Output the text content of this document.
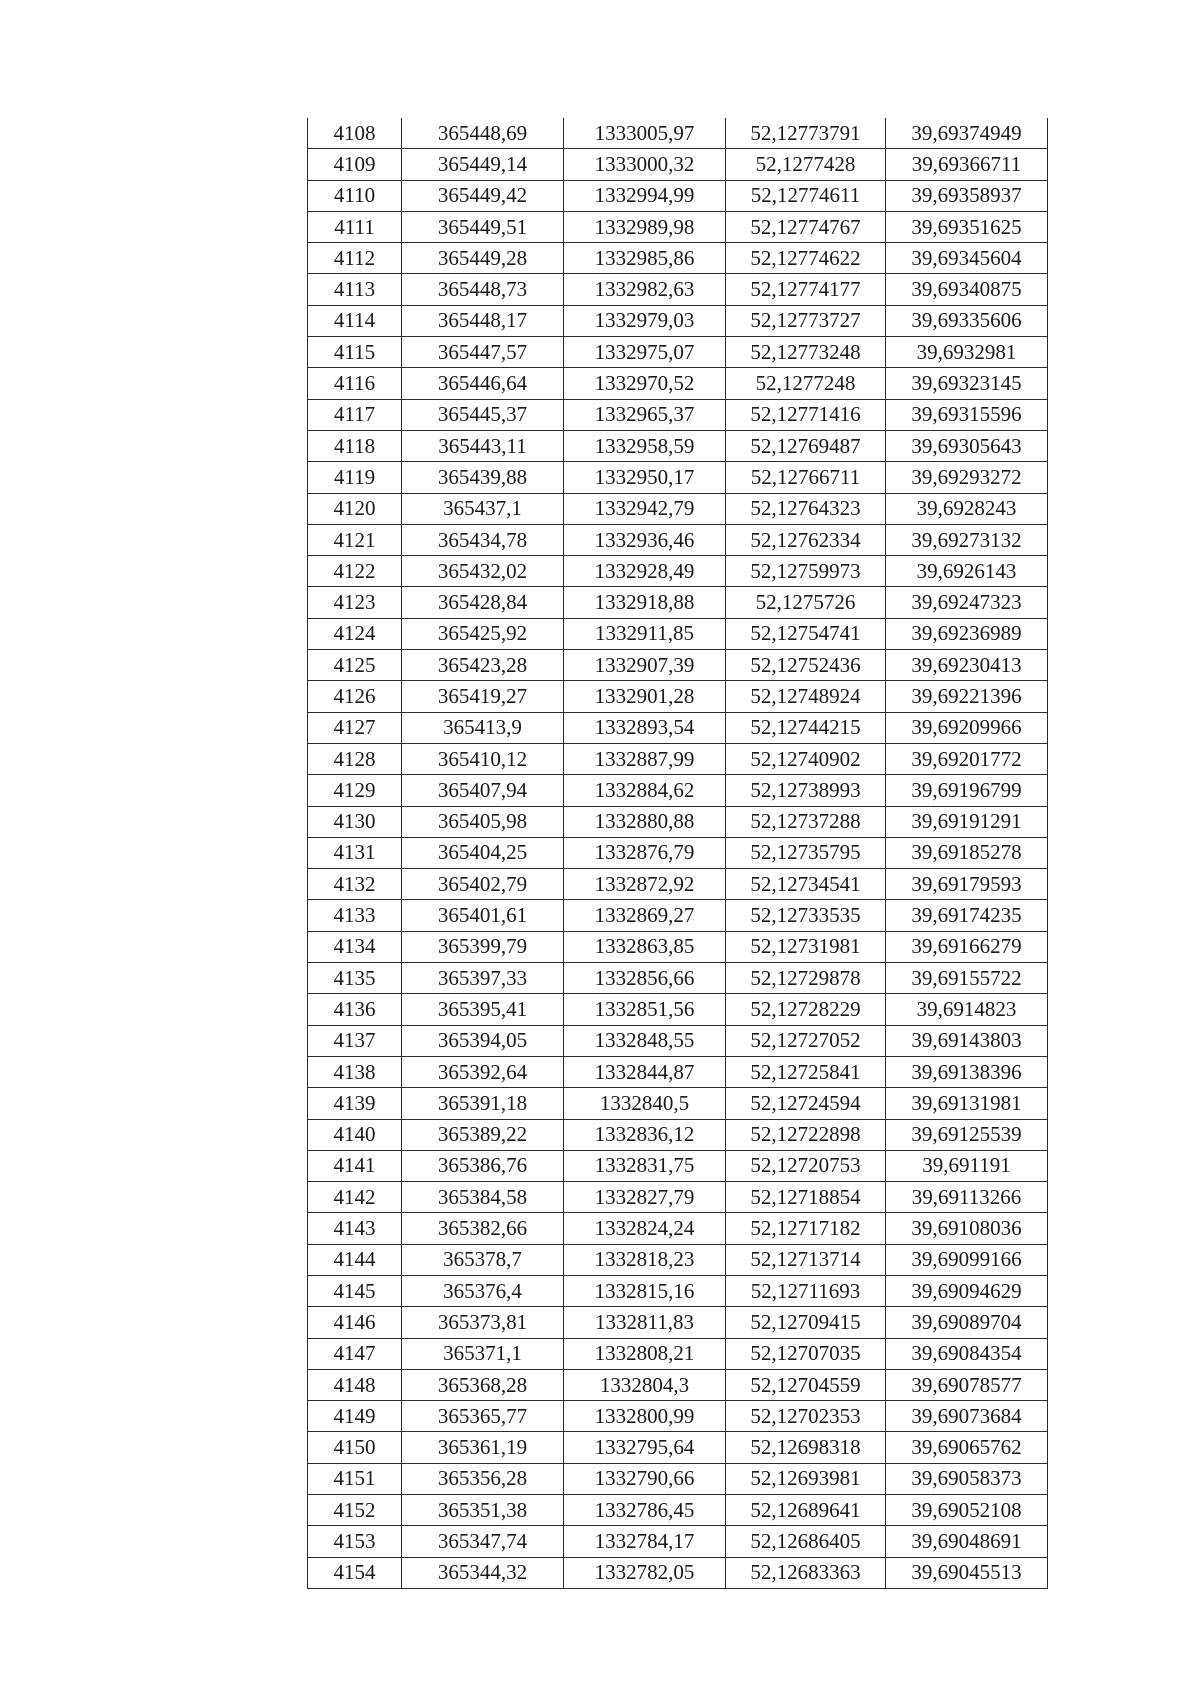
4108	365448,69	1333005,97	52,12773791	39,69374949
4109	365449,14	1333000,32	52,1277428	39,69366711
4110	365449,42	1332994,99	52,12774611	39,69358937
4111	365449,51	1332989,98	52,12774767	39,69351625
4112	365449,28	1332985,86	52,12774622	39,69345604
4113	365448,73	1332982,63	52,12774177	39,69340875
4114	365448,17	1332979,03	52,12773727	39,69335606
4115	365447,57	1332975,07	52,12773248	39,6932981
4116	365446,64	1332970,52	52,1277248	39,69323145
4117	365445,37	1332965,37	52,12771416	39,69315596
4118	365443,11	1332958,59	52,12769487	39,69305643
4119	365439,88	1332950,17	52,12766711	39,69293272
4120	365437,1	1332942,79	52,12764323	39,6928243
4121	365434,78	1332936,46	52,12762334	39,69273132
4122	365432,02	1332928,49	52,12759973	39,6926143
4123	365428,84	1332918,88	52,1275726	39,69247323
4124	365425,92	1332911,85	52,12754741	39,69236989
4125	365423,28	1332907,39	52,12752436	39,69230413
4126	365419,27	1332901,28	52,12748924	39,69221396
4127	365413,9	1332893,54	52,12744215	39,69209966
4128	365410,12	1332887,99	52,12740902	39,69201772
4129	365407,94	1332884,62	52,12738993	39,69196799
4130	365405,98	1332880,88	52,12737288	39,69191291
4131	365404,25	1332876,79	52,12735795	39,69185278
4132	365402,79	1332872,92	52,12734541	39,69179593
4133	365401,61	1332869,27	52,12733535	39,69174235
4134	365399,79	1332863,85	52,12731981	39,69166279
4135	365397,33	1332856,66	52,12729878	39,69155722
4136	365395,41	1332851,56	52,12728229	39,6914823
4137	365394,05	1332848,55	52,12727052	39,69143803
4138	365392,64	1332844,87	52,12725841	39,69138396
4139	365391,18	1332840,5	52,12724594	39,69131981
4140	365389,22	1332836,12	52,12722898	39,69125539
4141	365386,76	1332831,75	52,12720753	39,691191
4142	365384,58	1332827,79	52,12718854	39,69113266
4143	365382,66	1332824,24	52,12717182	39,69108036
4144	365378,7	1332818,23	52,12713714	39,69099166
4145	365376,4	1332815,16	52,12711693	39,69094629
4146	365373,81	1332811,83	52,12709415	39,69089704
4147	365371,1	1332808,21	52,12707035	39,69084354
4148	365368,28	1332804,3	52,12704559	39,69078577
4149	365365,77	1332800,99	52,12702353	39,69073684
4150	365361,19	1332795,64	52,12698318	39,69065762
4151	365356,28	1332790,66	52,12693981	39,69058373
4152	365351,38	1332786,45	52,12689641	39,69052108
4153	365347,74	1332784,17	52,12686405	39,69048691
4154	365344,32	1332782,05	52,12683363	39,69045513
